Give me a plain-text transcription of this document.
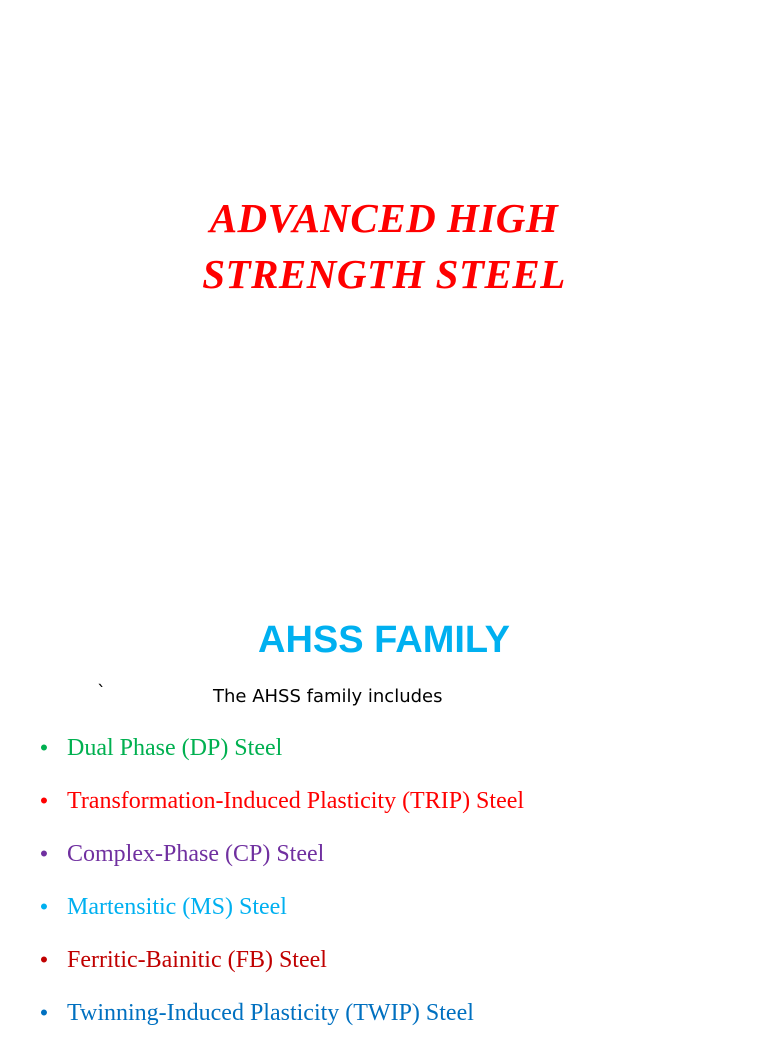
ADVANCED HIGH
STRENGTH STEEL
AHSS FAMILY
`	The AHSS family includes
• Dual Phase (DP) Steel
• Transformation-Induced Plasticity (TRIP) Steel
• Complex-Phase (CP) Steel
• Martensitic (MS) Steel
• Ferritic-Bainitic (FB) Steel
• Twinning-Induced Plasticity (TWIP) Steel
